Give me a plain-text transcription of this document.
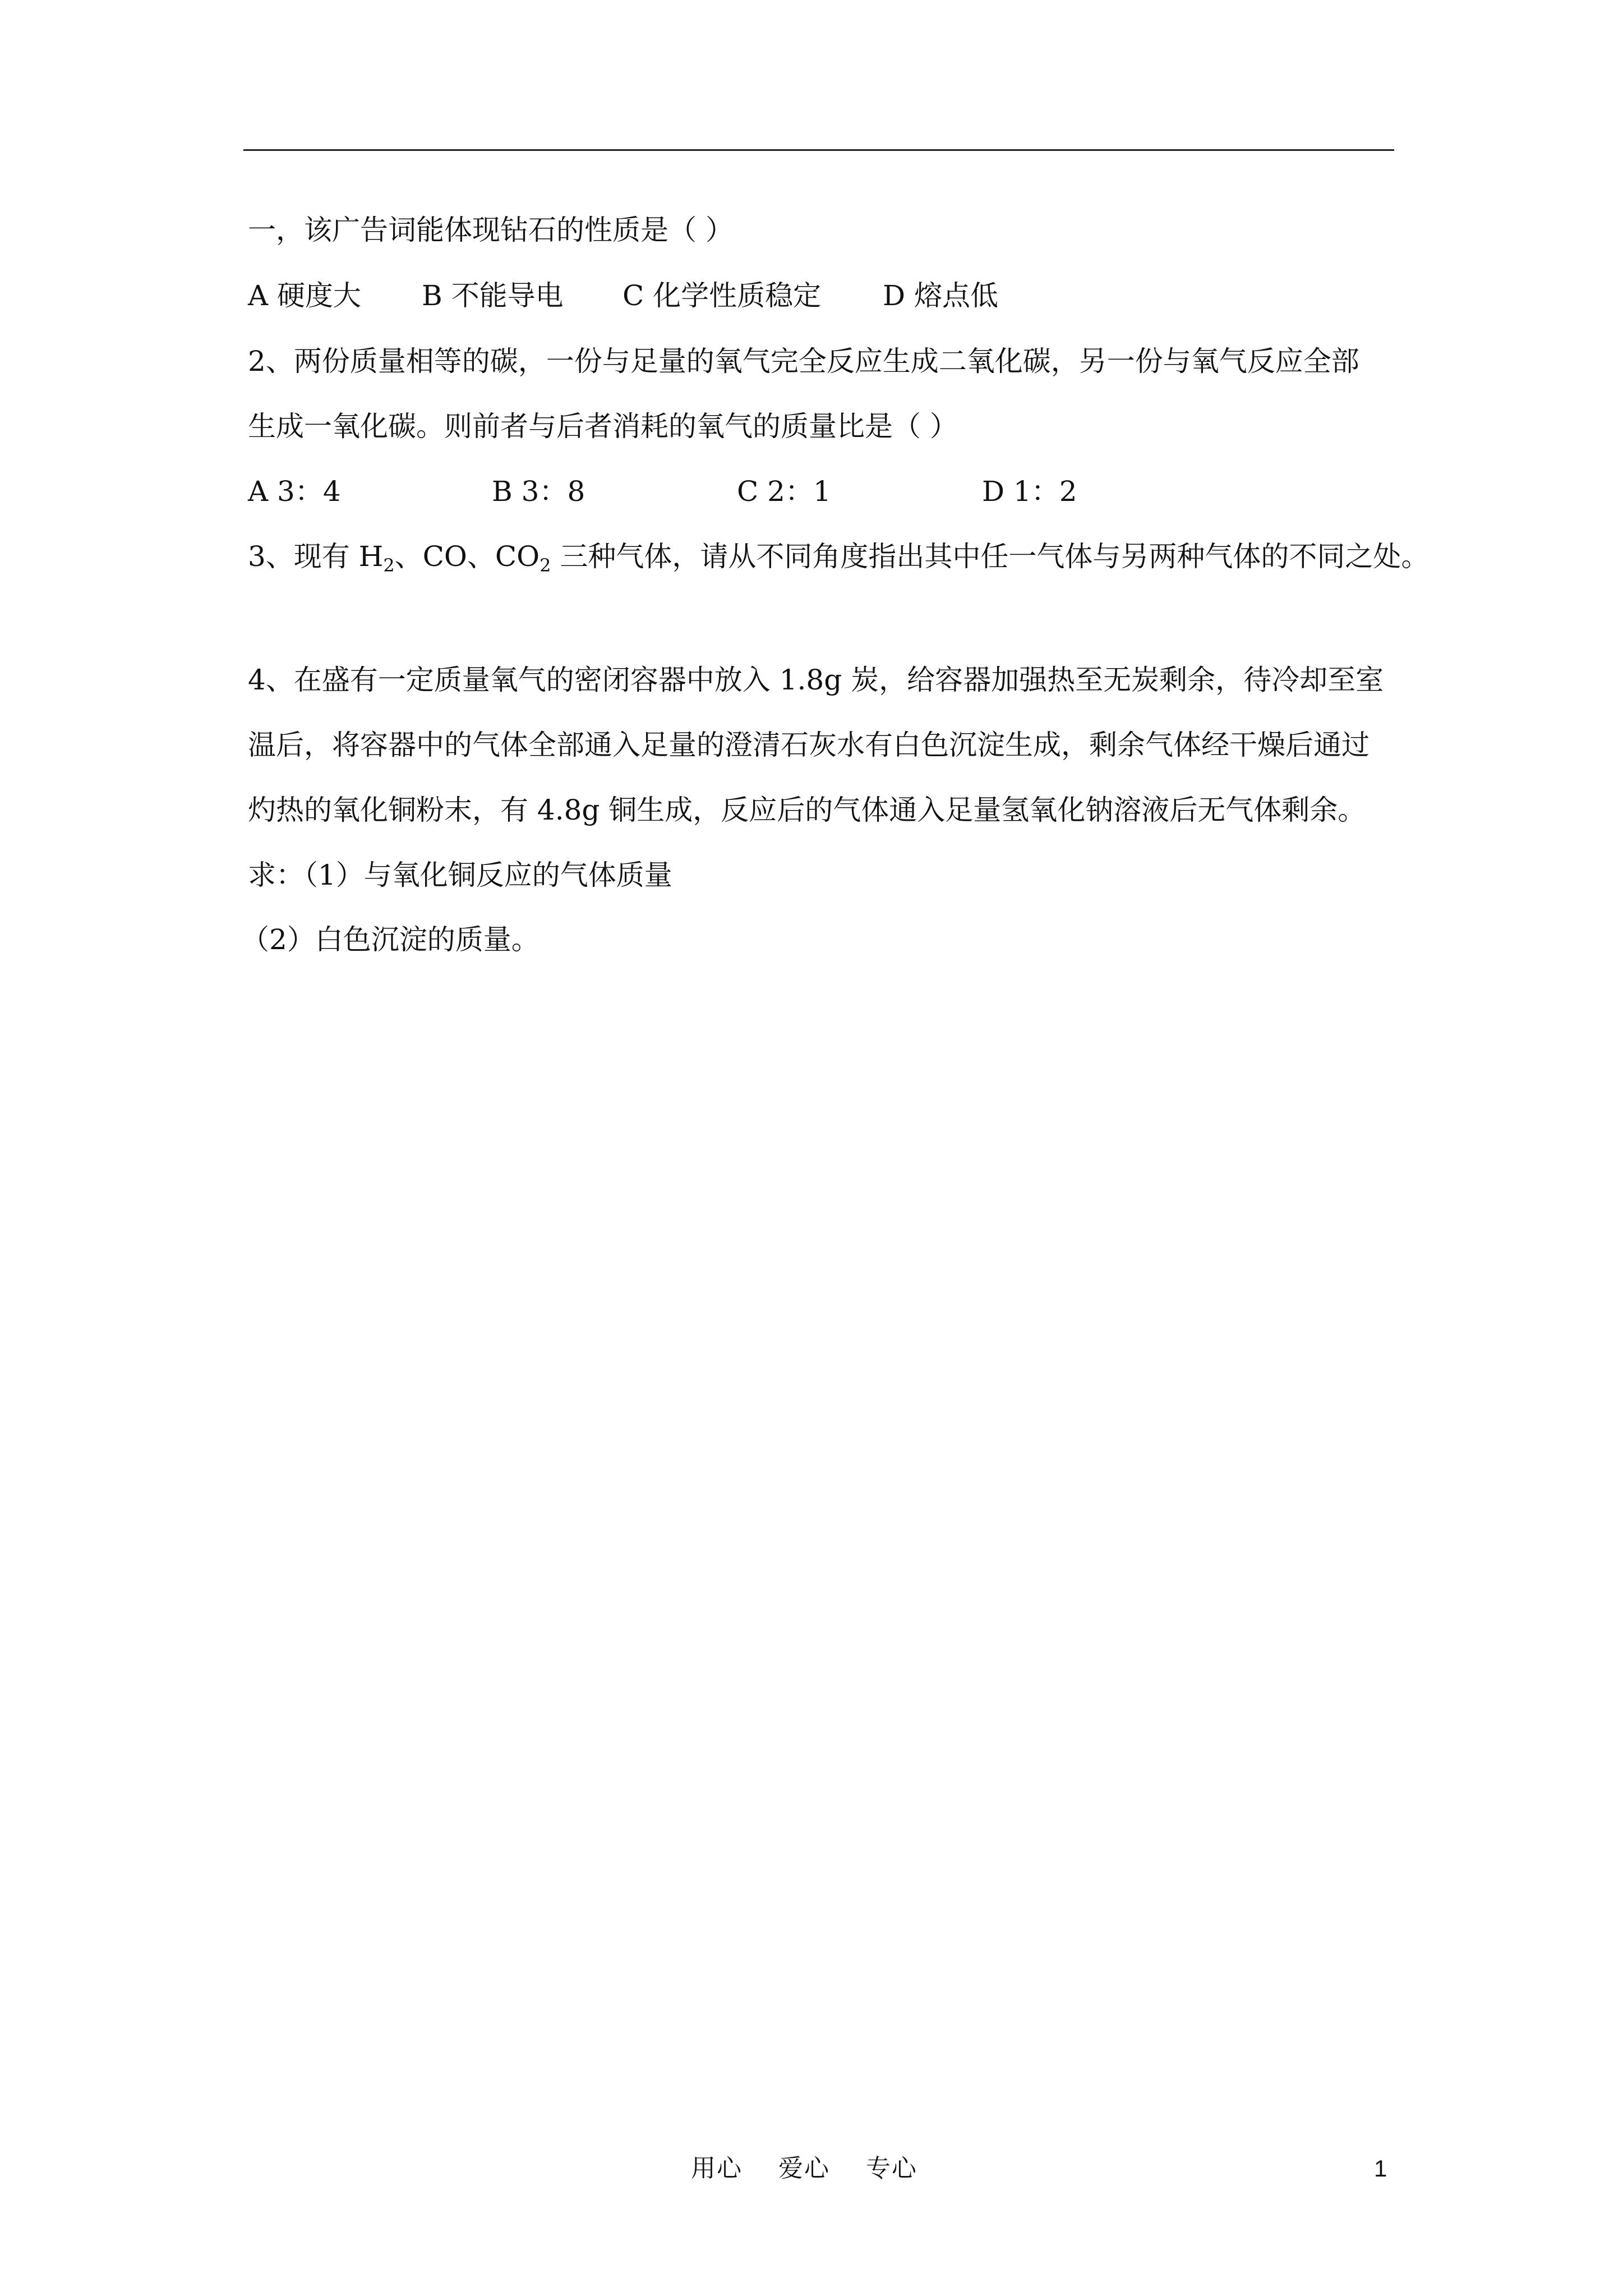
一，该广告词能体现钻石的性质是（ ）
A 硬度大 B 不能导电 C 化学性质稳定 D 熔点低
2、两份质量相等的碳，一份与足量的氧气完全反应生成二氧化碳，另一份与氧气反应全部
生成一氧化碳。则前者与后者消耗的氧气的质量比是（ ）
A 3：4	B 3：8	C 2：1	D 1：2
3、现有 $H_2$、CO、$CO_2$ 三种气体，请从不同角度指出其中任一气体与另两种气体的不同之处。
4、在盛有一定质量氧气的密闭容器中放入 1.8g 炭，给容器加强热至无炭剩余，待冷却至室
温后，将容器中的气体全部通入足量的澄清石灰水有白色沉淀生成，剩余气体经干燥后通过
灼热的氧化铜粉末，有 4.8g 铜生成，反应后的气体通入足量氢氧化钠溶液后无气体剩余。
求：（1）与氧化铜反应的气体质量
（2）白色沉淀的质量。
用心    爱心    专心	1
